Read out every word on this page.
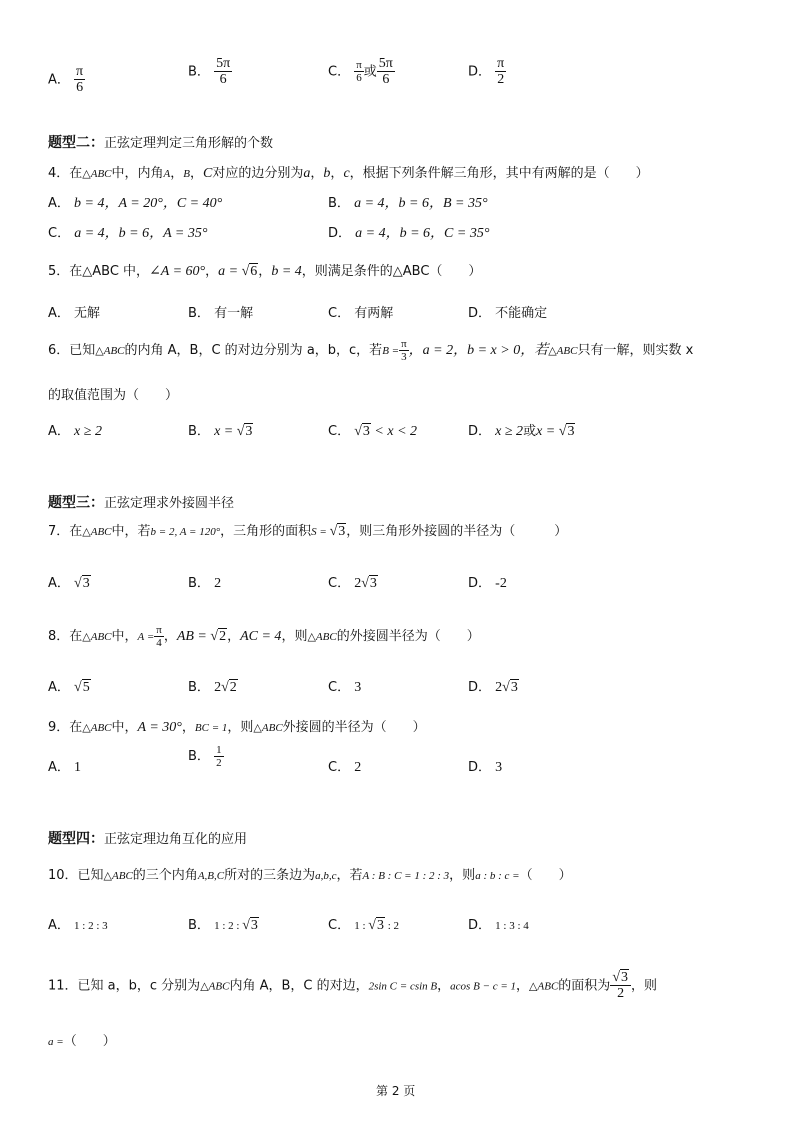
A． $\frac{\pi}{6}$	B． $\frac{5\pi}{6}$	C． $\frac{\pi}{6}$ 或 $\frac{5\pi}{6}$	D． $\frac{\pi}{2}$
题型二：正弦定理判定三角形解的个数
4．在△ABC中，内角A，B，C对应的边分别为a，b，c，根据下列条件解三角形，其中有两解的是（　　）
A． b = 4，A = 20°，C = 40°	B． a = 4，b = 6，B = 35°
C． a = 4，b = 6，A = 35°	D． a = 4，b = 6，C = 35°
5．在△ABC 中，∠A = 60°，a = √6，b = 4，则满足条件的△ABC（　　）
A． 无解	B． 有一解	C． 有两解	D． 不能确定
6．已知△ABC的内角 A，B，C 的对边分别为 a，b，c，若$B = \frac{\pi}{3}$ ，a = 2，b = x > 0，若△ABC只有一解，则实数 x
的取值范围为（　　）
A． x ≥ 2	B． x = √3	C． √3 < x < 2	D． x ≥ 2或x = √3
题型三：正弦定理求外接圆半径
7．在△ABC中，若b = 2, A = 120°，三角形的面积S = √3，则三角形外接圆的半径为（　　　）
A． √3	B． 2	C． 2√3	D． -2
8．在△ABC中，$A = \frac{\pi}{4}$ ，AB = √2，AC = 4，则△ABC的外接圆半径为（　　）
A． √5	B． 2√2	C． 3	D． 2√3
9．在△ABC中，A = 30°，BC = 1，则△ABC外接圆的半径为（　　）
A． 1
B． $\frac{1}{2}$	C． 2	D． 3
题型四：正弦定理边角互化的应用
10．已知△ABC的三个内角A,B,C所对的三条边为a,b,c，若A : B : C = 1 : 2 : 3，则a : b : c =（　　）
A． 1 : 2 : 3	B． 1 : 2 : √3	C． 1 : √3 : 2	D． 1 : 3 : 4
11．已知 a，b，c 分别为△ABC内角 A，B，C 的对边，2sin C = csin B，acos B − c = 1，△ABC的面积为 $\frac{√3}{2}$ ，则
a =（　　）
第 2 页
